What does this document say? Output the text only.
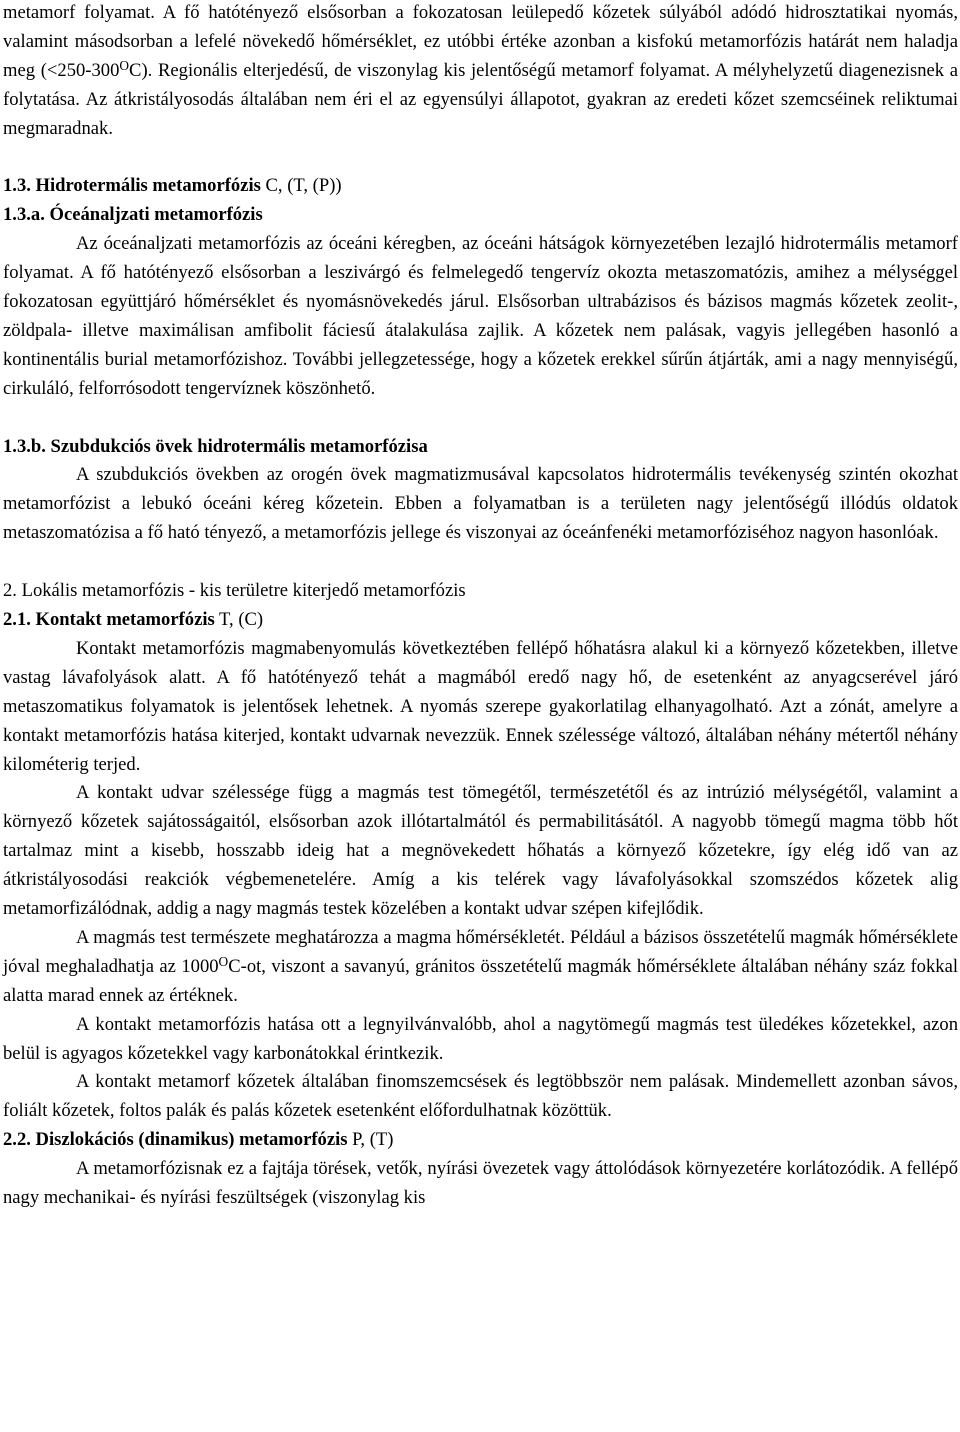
metamorf folyamat. A fő hatótényező elsősorban a fokozatosan leülepedő kőzetek súlyából adódó hidrosztatikai nyomás, valamint másodsorban a lefelé növekedő hőmérséklet, ez utóbbi értéke azonban a kisfokú metamorfózis határát nem haladja meg $(<250-300^OC)$. Regionális elterjedésű, de viszonylag kis jelentőségű metamorf folyamat. A mélyhelyzetű diagenezisnek a folytatása. Az átkristályosodás általában nem éri el az egyensúlyi állapotot, gyakran az eredeti kőzet szemcséinek reliktumai megmaradnak.

1.3. Hidrotermális metamorfózis C, (T, (P))

1.3.a. Óceánaljzati metamorfózis

Az óceánaljzati metamorfózis az óceáni kéregben, az óceáni hátságok környezetében lezajló hidrotermális metamorf folyamat. A fő hatótényező elsősorban a leszivárgó és felmelegedő tengervíz okozta metaszomatózis, amihez a mélységgel fokozatosan együttjáró hőmérséklet és nyomásnövekedés járul. Elsősorban ultrabázisos és bázisos magmás kőzetek zeolit-, zöldpala- illetve maximálisan amfibolit fáciesű átalakulása zajlik. A kőzetek nem palásak, vagyis jellegében hasonló a kontinentális burial metamorfózishoz. További jellegzetessége, hogy a kőzetek erekkel sűrűn átjárták, ami a nagy mennyiségű, cirkuláló, felforrósodott tengervíznek köszönhető.

1.3.b. Szubdukciós övek hidrotermális metamorfózisa

A szubdukciós övekben az orogén övek magmatizmusával kapcsolatos hidrotermális tevékenység szintén okozhat metamorfózist a lebukó óceáni kéreg kőzetein. Ebben a folyamatban is a területen nagy jelentőségű illódús oldatok metaszomatózisa a fő ható tényező, a metamorfózis jellege és viszonyai az óceánfenéki metamorfóziséhoz nagyon hasonlóak.

2. Lokális metamorfózis - kis területre kiterjedő metamorfózis

2.1. Kontakt metamorfózis T, (C)

Kontakt metamorfózis magmabenyomulás következtében fellépő hőhatásra alakul ki a környező kőzetekben, illetve vastag lávafolyások alatt. A fő hatótényező tehát a magmából eredő nagy hő, de esetenként az anyagcserével járó metaszomatikus folyamatok is jelentősek lehetnek. A nyomás szerepe gyakorlatilag elhanyagolható. Azt a zónát, amelyre a kontakt metamorfózis hatása kiterjed, kontakt udvarnak nevezzük. Ennek szélessége változó, általában néhány métertől néhány kilométerig terjed.

A kontakt udvar szélessége függ a magmás test tömegétől, természetétől és az intrúzió mélységétől, valamint a környező kőzetek sajátosságaitól, elsősorban azok illótartalmától és permabilitásától. A nagyobb tömegű magma több hőt tartalmaz mint a kisebb, hosszabb ideig hat a megnövekedett hőhatás a környező kőzetekre, így elég idő van az átkristályosodási reakciók végbemenetelére. Amíg a kis telérek vagy lávafolyásokkal szomszédos kőzetek alig metamorfizálódnak, addig a nagy magmás testek közelében a kontakt udvar szépen kifejlődik.

A magmás test természete meghatározza a magma hőmérsékletét. Például a bázisos összetételű magmák hőmérséklete jóval meghaladhatja az $1000^OC-ot$, viszont a savanyú, gránitos összetételű magmák hőmérséklete általában néhány száz fokkal alatta marad ennek az értéknek.

A kontakt metamorfózis hatása ott a legnyilvánvalóbb, ahol a nagytömegű magmás test üledékes kőzetekkel, azon belül is agyagos kőzetekkel vagy karbonátokkal érintkezik.

A kontakt metamorf kőzetek általában finomszemcsések és legtöbbször nem palásak. Mindemellett azonban sávos, foliált kőzetek, foltos palák és palás kőzetek esetenként előfordulhatnak közöttük.

2.2. Diszlokációs (dinamikus) metamorfózis P, (T)

A metamorfózisnak ez a fajtája törések, vetők, nyírási övezetek vagy áttolódások környezetére korlátozódik. A fellépő nagy mechanikai- és nyírási feszültségek (viszonylag kis
